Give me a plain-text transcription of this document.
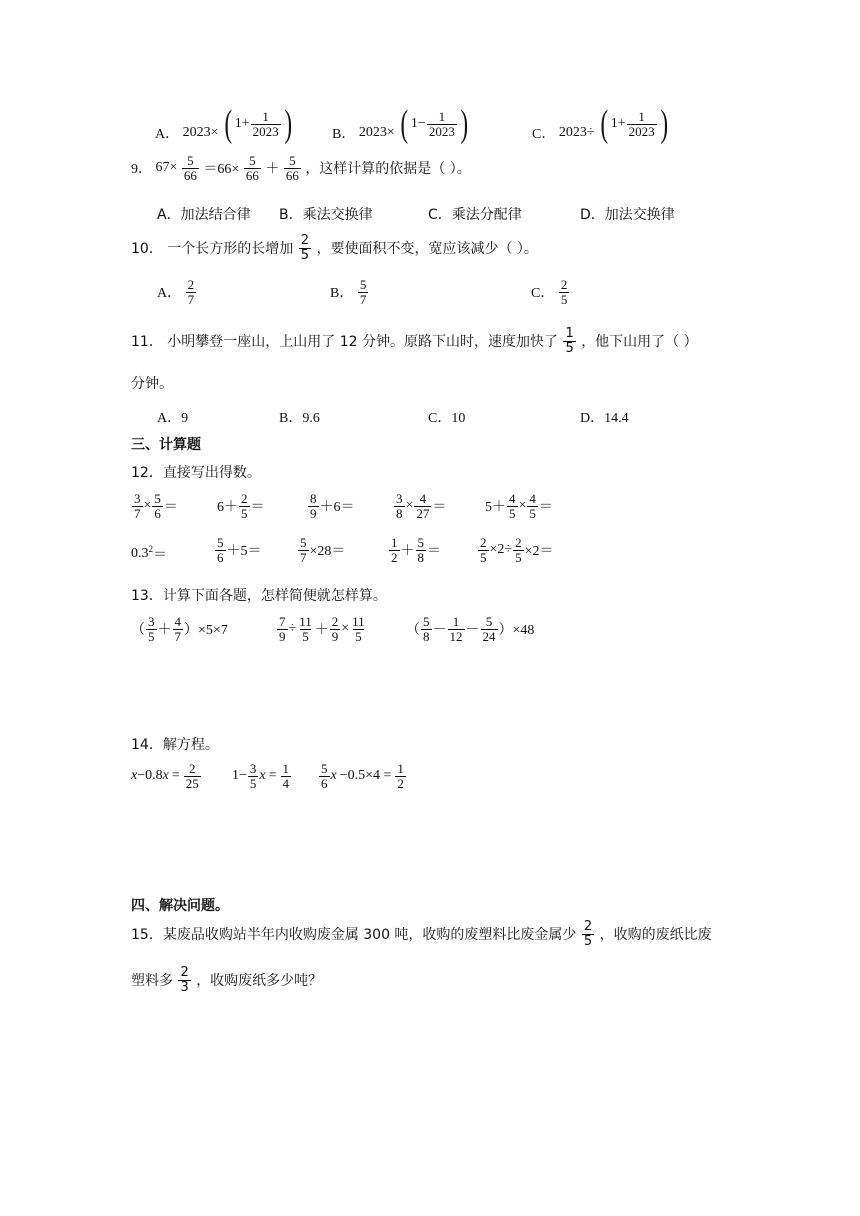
A． 2023× ( $1+ \frac{1}{2023}$ )	B． 2023× ( $1- \frac{1}{2023}$ )	C． 2023÷ ( $1+ \frac{1}{2023}$ )
9． $67\times \frac{5}{66} =66\times \frac{5}{66} + \frac{5}{66}$ ，这样计算的依据是（ ）。
A．加法结合律 B．乘法交换律	C．乘法分配律	D．加法交换律
10． 一个长方形的长增加 $\frac{2}{5}$ ，要使面积不变，宽应该减少（ ）。
A． $\frac{2}{7}$	B． $\frac{5}{7}$	C． $\frac{2}{5}$
11． 小明攀登一座山，上山用了 12 分钟。原路下山时，速度加快了 $\frac{1}{5}$ ，他下山用了（ ）
分钟。
A．9	B．9.6	C．10	D．14.4
三、计算题
12．直接写出得数。
$\frac{3}{7} \times \frac{5}{6}$ ＝	$6+ \frac{2}{5}$ ＝	$\frac{8}{9} +6=$	$\frac{3}{8} \times \frac{4}{27}$ ＝	$5+ \frac{4}{5} \times \frac{4}{5}$ ＝
$0.3^2=$	$\frac{5}{6} +5=$	$\frac{5}{7} \times 28=$	$\frac{1}{2} + \frac{5}{8}$ ＝	$\frac{2}{5} \times 2\div \frac{2}{5} \times 2=$
13．计算下面各题，怎样简便就怎样算。
（ $\frac{3}{5} + \frac{4}{7} )\times 5\times 7$	$\frac{7}{9} \div \frac{11}{5} + \frac{2}{9} \times \frac{11}{5}$	（ $\frac{5}{8} - \frac{1}{12} - \frac{5}{24} )\times 48$
14．解方程。
$x-0.8x = \frac{2}{25} 1- \frac{3}{5}$ $x = \frac{1}{4} \frac{5}{6}$ $x -0.5\times 4 = \frac{1}{2}$
四、解决问题。
15．某废品收购站半年内收购废金属 300 吨，收购的废塑料比废金属少 $\frac{2}{5}$ ，收购的废纸比废
塑料多 $\frac{2}{3}$ ，收购废纸多少吨？
